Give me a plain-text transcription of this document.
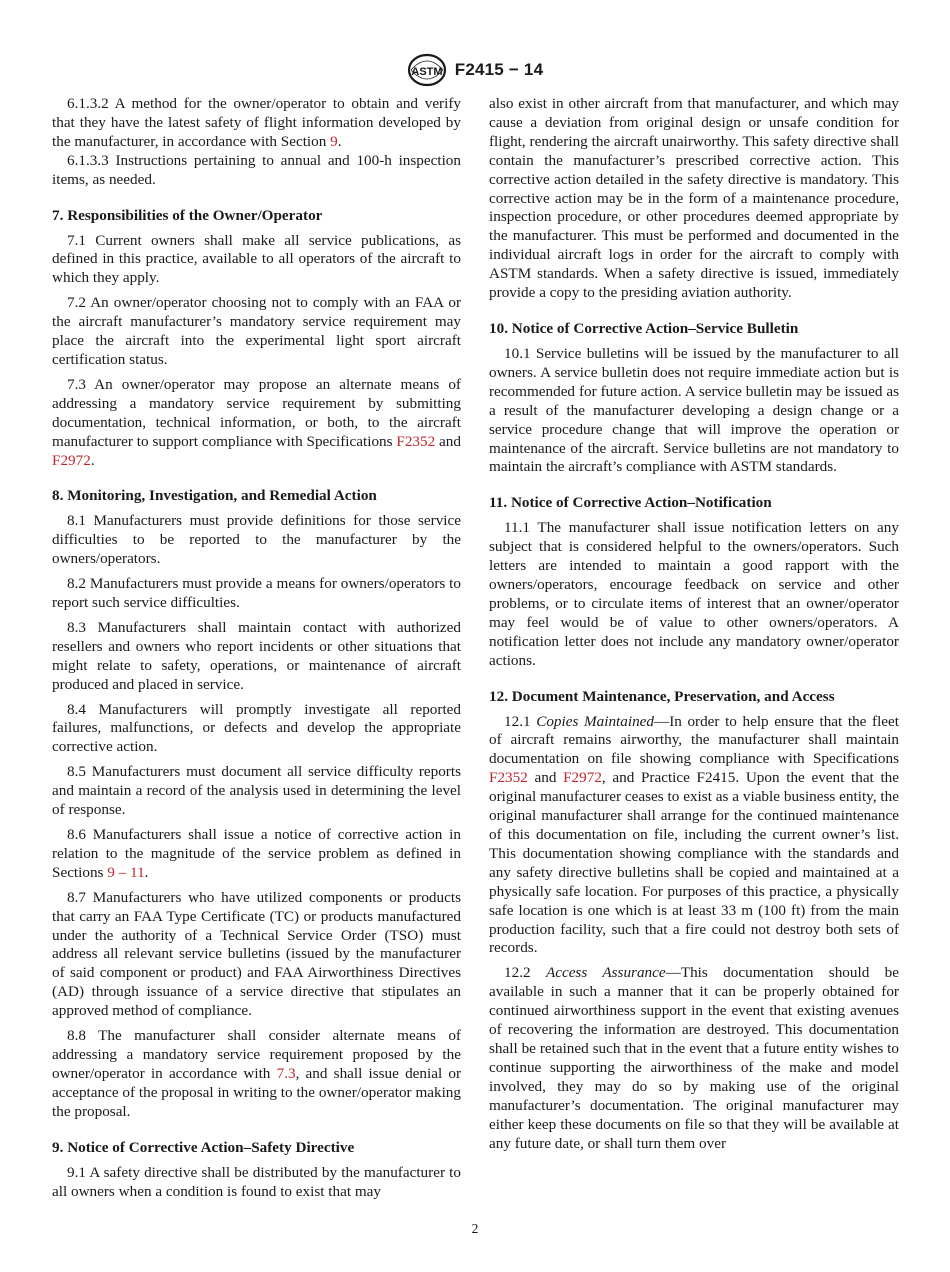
ASTM F2415 − 14

6.1.3.2 A method for the owner/operator to obtain and verify that they have the latest safety of flight information developed by the manufacturer, in accordance with Section 9.

6.1.3.3 Instructions pertaining to annual and 100-h inspection items, as needed.

7. Responsibilities of the Owner/Operator

7.1 Current owners shall make all service publications, as defined in this practice, available to all operators of the aircraft to which they apply.

7.2 An owner/operator choosing not to comply with an FAA or the aircraft manufacturer’s mandatory service requirement may place the aircraft into the experimental light sport aircraft certification status.

7.3 An owner/operator may propose an alternate means of addressing a mandatory service requirement by submitting documentation, technical information, or both, to the aircraft manufacturer to support compliance with Specifications F2352 and F2972.

8. Monitoring, Investigation, and Remedial Action

8.1 Manufacturers must provide definitions for those service difficulties to be reported to the manufacturer by the owners/operators.

8.2 Manufacturers must provide a means for owners/operators to report such service difficulties.

8.3 Manufacturers shall maintain contact with authorized resellers and owners who report incidents or other situations that might relate to safety, operations, or maintenance of aircraft produced and placed in service.

8.4 Manufacturers will promptly investigate all reported failures, malfunctions, or defects and develop the appropriate corrective action.

8.5 Manufacturers must document all service difficulty reports and maintain a record of the analysis used in determining the level of response.

8.6 Manufacturers shall issue a notice of corrective action in relation to the magnitude of the service problem as defined in Sections 9 – 11.

8.7 Manufacturers who have utilized components or products that carry an FAA Type Certificate (TC) or products manufactured under the authority of a Technical Service Order (TSO) must address all relevant service bulletins (issued by the manufacturer of said component or product) and FAA Airworthiness Directives (AD) through issuance of a service directive that stipulates an approved method of compliance.

8.8 The manufacturer shall consider alternate means of addressing a mandatory service requirement proposed by the owner/operator in accordance with 7.3, and shall issue denial or acceptance of the proposal in writing to the owner/operator making the proposal.

9. Notice of Corrective Action–Safety Directive

9.1 A safety directive shall be distributed by the manufacturer to all owners when a condition is found to exist that may

also exist in other aircraft from that manufacturer, and which may cause a deviation from original design or unsafe condition for flight, rendering the aircraft unairworthy. This safety directive shall contain the manufacturer’s prescribed corrective action. This corrective action detailed in the safety directive is mandatory. This corrective action may be in the form of a maintenance procedure, inspection procedure, or other procedures deemed appropriate by the manufacturer. This must be performed and documented in the individual aircraft logs in order for the aircraft to comply with ASTM standards. When a safety directive is issued, immediately provide a copy to the presiding aviation authority.

10. Notice of Corrective Action–Service Bulletin

10.1 Service bulletins will be issued by the manufacturer to all owners. A service bulletin does not require immediate action but is recommended for future action. A service bulletin may be issued as a result of the manufacturer developing a design change or a service procedure change that will improve the operation or maintenance of the aircraft. Service bulletins are not mandatory to maintain the aircraft’s compliance with ASTM standards.

11. Notice of Corrective Action–Notification

11.1 The manufacturer shall issue notification letters on any subject that is considered helpful to the owners/operators. Such letters are intended to maintain a good rapport with the owners/operators, encourage feedback on service and other problems, or to circulate items of interest that an owner/operator may feel would be of value to other owners/operators. A notification letter does not include any mandatory owner/operator actions.

12. Document Maintenance, Preservation, and Access

12.1 Copies Maintained—In order to help ensure that the fleet of aircraft remains airworthy, the manufacturer shall maintain documentation on file showing compliance with Specifications F2352 and F2972, and Practice F2415. Upon the event that the original manufacturer ceases to exist as a viable business entity, the original manufacturer shall arrange for the continued maintenance of this documentation on file, including the current owner’s list. This documentation showing compliance with the standards and any safety directive bulletins shall be copied and maintained at a physically safe location. For purposes of this practice, a physically safe location is one which is at least 33 m (100 ft) from the main production facility, such that a fire could not destroy both sets of records.

12.2 Access Assurance—This documentation should be available in such a manner that it can be properly obtained for continued airworthiness support in the event that existing avenues of recovering the information are destroyed. This documentation shall be retained such that in the event that a future entity wishes to continue supporting the airworthiness of the make and model involved, they may do so by making use of the original manufacturer’s documentation. The original manufacturer may either keep these documents on file so that they will be available at any future date, or shall turn them over

2
